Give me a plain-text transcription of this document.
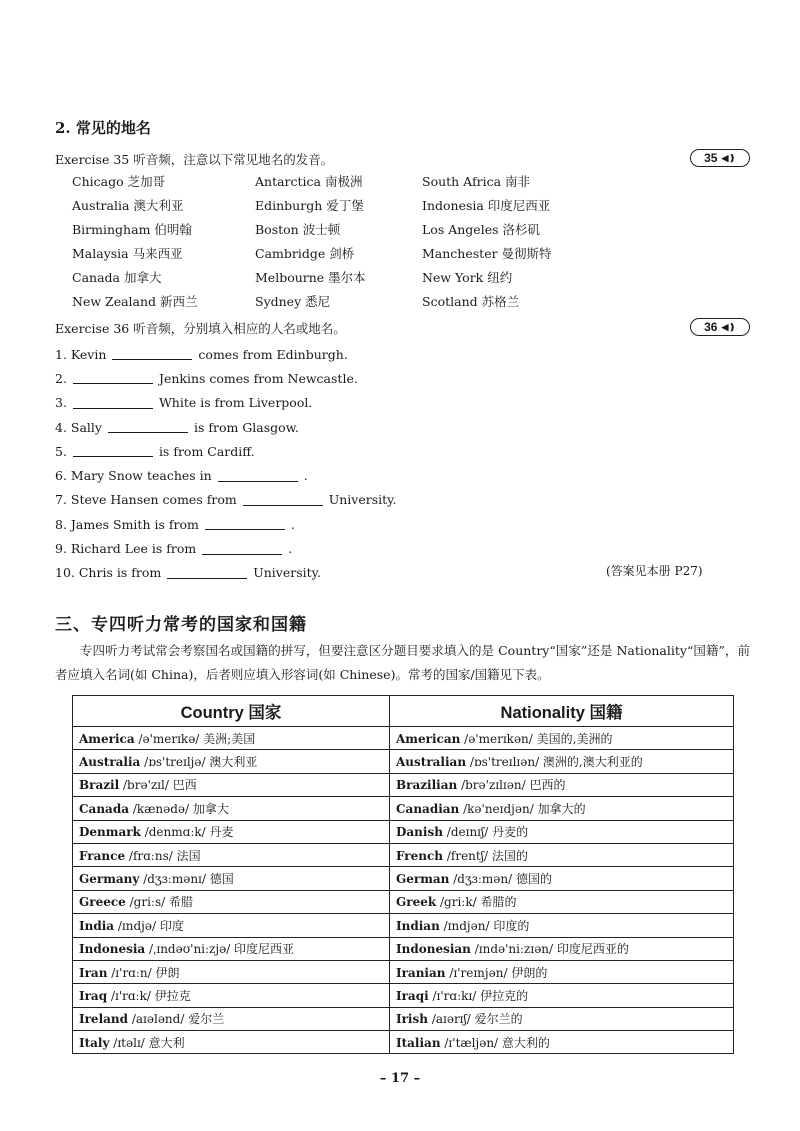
2. 常见的地名
Exercise 35 听音频，注意以下常见地名的发音。	35 ◀❫
Chicago 芝加哥	Antarctica 南极洲	South Africa 南非
Australia 澳大利亚	Edinburgh 爱丁堡	Indonesia 印度尼西亚
Birmingham 伯明翰	Boston 波士顿	Los Angeles 洛杉矶
Malaysia 马来西亚	Cambridge 剑桥	Manchester 曼彻斯特
Canada 加拿大	Melbourne 墨尔本	New York 纽约
New Zealand 新西兰	Sydney 悉尼	Scotland 苏格兰
Exercise 36 听音频，分别填入相应的人名或地名。	36 ◀❫
1. Kevin	comes from Edinburgh.
2.	Jenkins comes from Newcastle.
3.	White is from Liverpool.
4. Sally	is from Glasgow.
5.	is from Cardiff.
6. Mary Snow teaches in	.
7. Steve Hansen comes from	University.
8. James Smith is from	.
9. Richard Lee is from	.
10. Chris is from	University.	(答案见本册 P27)
三、专四听力常考的国家和国籍
专四听力考试常会考察国名或国籍的拼写，但要注意区分题目要求填入的是 Country“国家”还是 Nationality“国籍”，前者应填入名词(如 China)，后者则应填入形容词(如 Chinese)。常考的国家/国籍见下表。
Country 国家	Nationality 国籍
America /ə'merɪkə/ 美洲;美国	American /ə'merɪkən/ 美国的,美洲的
Australia /ɒs'treɪljə/ 澳大利亚	Australian /ɒs'treɪlɪən/ 澳洲的,澳大利亚的
Brazil /brə'zɪl/ 巴西	Brazilian /brə'zɪlɪən/ 巴西的
Canada /kænədə/ 加拿大	Canadian /kə'neɪdjən/ 加拿大的
Denmark /denmɑːk/ 丹麦	Danish /deɪnɪʃ/ 丹麦的
France /frɑːns/ 法国	French /frentʃ/ 法国的
Germany /dʒɜːmənɪ/ 德国	German /dʒɜːmən/ 德国的
Greece /griːs/ 希腊	Greek /griːk/ 希腊的
India /ɪndjə/ 印度	Indian /ɪndjən/ 印度的
Indonesia /ˌɪndəʊ'niːzjə/ 印度尼西亚	Indonesian /ɪndə'niːzɪən/ 印度尼西亚的
Iran /ɪ'rɑːn/ 伊朗	Iranian /ɪ'reɪnjən/ 伊朗的
Iraq /ɪ'rɑːk/ 伊拉克	Iraqi /ɪ'rɑːkɪ/ 伊拉克的
Ireland /aɪələnd/ 爱尔兰	Irish /aɪərɪʃ/ 爱尔兰的
Italy /ɪtəlɪ/ 意大利	Italian /ɪ'tæljən/ 意大利的
– 17 –
